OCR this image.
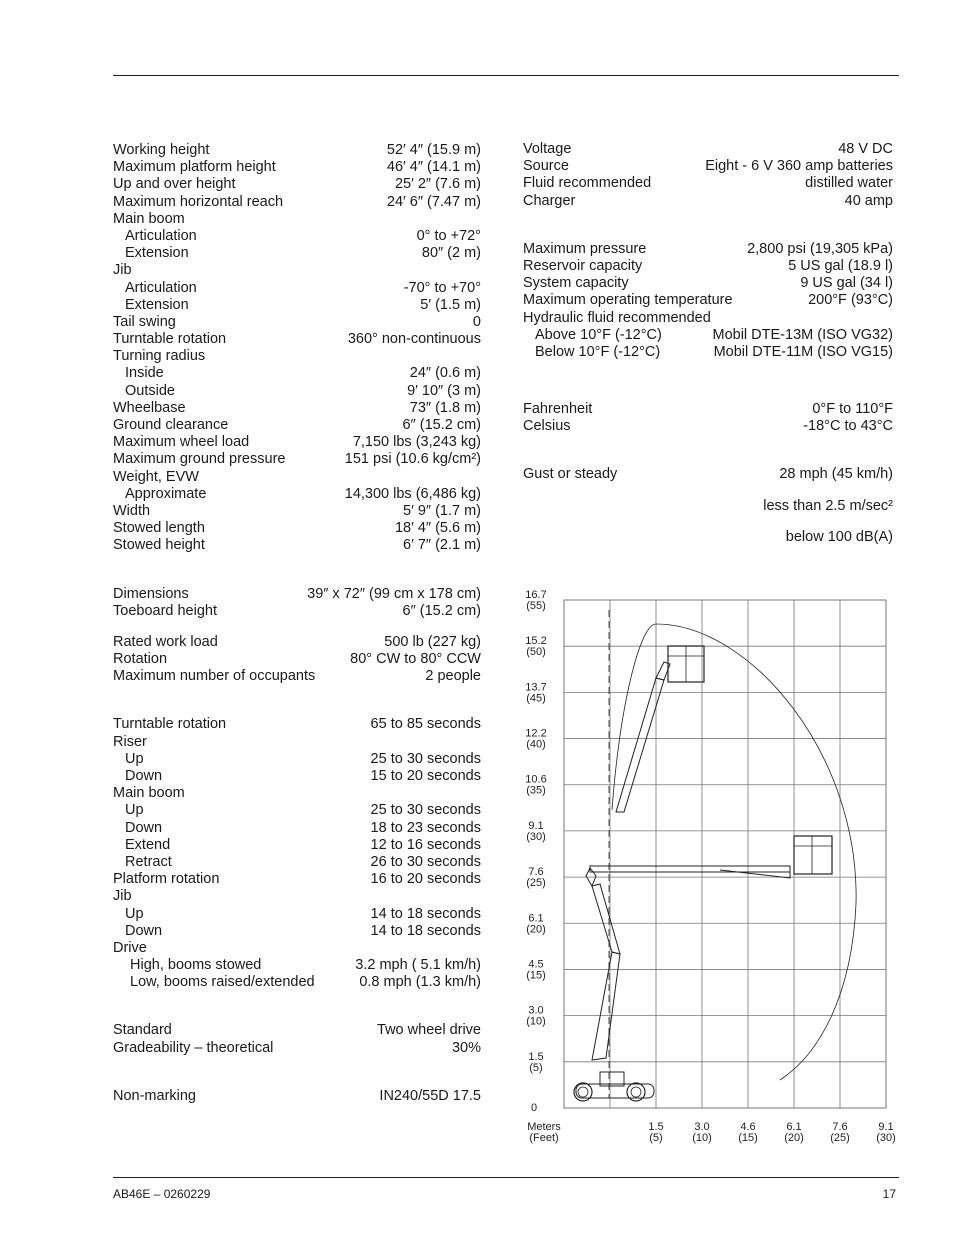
Working height	52′ 4″ (15.9 m)
Maximum platform height	46′ 4″ (14.1 m)
Up and over height	25′ 2″ (7.6 m)
Maximum horizontal reach	24′ 6″ (7.47 m)
Main boom
Articulation	0° to +72°
Extension	80″ (2 m)
Jib
Articulation	-70° to +70°
Extension	5′ (1.5 m)
Tail swing	0
Turntable rotation	360° non-continuous
Turning radius
Inside	24″ (0.6 m)
Outside	9′ 10″ (3 m)
Wheelbase	73″ (1.8 m)
Ground clearance	6″ (15.2 cm)
Maximum wheel load	7,150 lbs (3,243 kg)
Maximum ground pressure	151 psi (10.6 kg/cm²)
Weight, EVW
Approximate	14,300 lbs (6,486 kg)
Width	5′ 9″ (1.7 m)
Stowed length	18′ 4″ (5.6 m)
Stowed height	6′ 7″ (2.1 m)
Dimensions	39″ x 72″ (99 cm x 178 cm)
Toeboard height	6″ (15.2 cm)
Rated work load	500 lb (227 kg)
Rotation	80° CW to 80° CCW
Maximum number of occupants	2 people
Turntable rotation	65 to 85 seconds
Riser
Up	25 to 30 seconds
Down	15 to 20 seconds
Main boom
Up	25 to 30 seconds
Down	18 to 23 seconds
Extend	12 to 16 seconds
Retract	26 to 30 seconds
Platform rotation	16 to 20 seconds
Jib
Up	14 to 18 seconds
Down	14 to 18 seconds
Drive
High, booms stowed	3.2 mph ( 5.1 km/h)
Low, booms raised/extended	0.8 mph (1.3 km/h)
Standard	Two wheel drive
Gradeability – theoretical	30%
Non-marking	IN240/55D 17.5
Voltage	48 V DC
Source	Eight - 6 V 360 amp batteries
Fluid recommended	distilled water
Charger	40 amp
Maximum pressure	2,800 psi (19,305 kPa)
Reservoir capacity	5 US gal (18.9 l)
System capacity	9 US gal (34 l)
Maximum operating temperature	200°F (93°C)
Hydraulic fluid recommended
Above 10°F (-12°C)	Mobil DTE-13M (ISO VG32)
Below 10°F (-12°C)	Mobil DTE-11M (ISO VG15)
Fahrenheit	0°F to 110°F
Celsius	-18°C to 43°C
Gust or steady	28 mph (45 km/h)
less than 2.5 m/sec²
below 100 dB(A)
16.7
(55)
15.2
(50)
13.7
(45)
12.2
(40)
10.6
(35)
9.1
(30)
7.6
(25)
6.1
(20)
4.5
(15)
3.0
(10)
1.5
(5)
0
1.5
(5)
3.0
(10)
4.6
(15)
6.1
(20)
7.6
(25)
9.1
(30)
Meters
(Feet)
AB46E – 0260229	17
